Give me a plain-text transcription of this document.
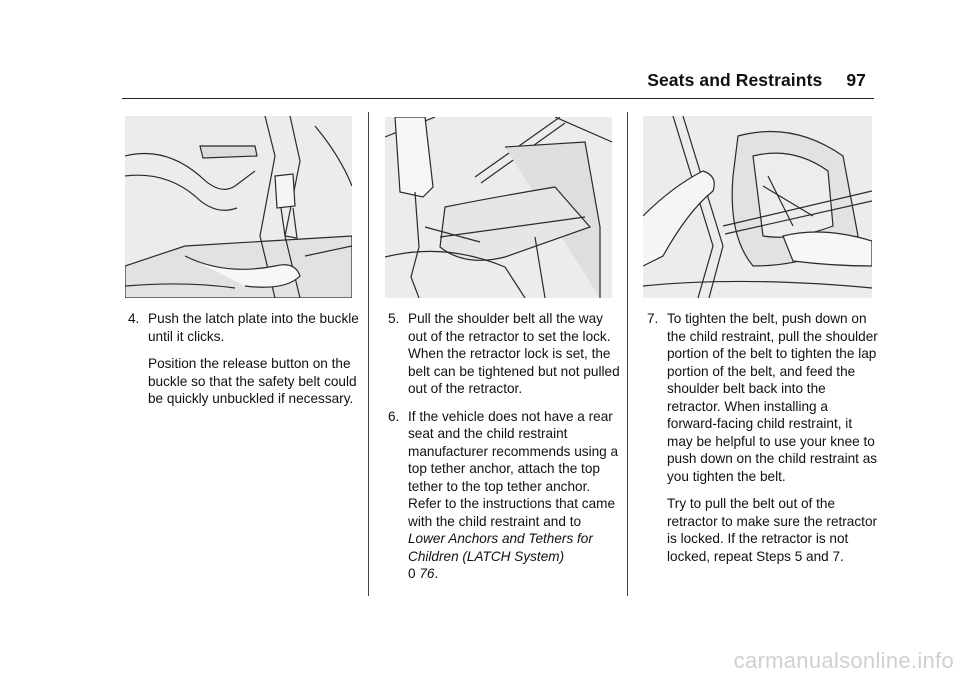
Seats and Restraints 97
4. Push the latch plate into the buckle until it clicks.
Position the release button on the buckle so that the safety belt could be quickly unbuckled if necessary.
5. Pull the shoulder belt all the way out of the retractor to set the lock. When the retractor lock is set, the belt can be tightened but not pulled out of the retractor.
6. If the vehicle does not have a rear seat and the child restraint manufacturer recommends using a top tether anchor, attach the top tether to the top tether anchor. Refer to the instructions that came with the child restraint and to Lower Anchors and Tethers for Children (LATCH System)
0 76.
7. To tighten the belt, push down on the child restraint, pull the shoulder portion of the belt to tighten the lap portion of the belt, and feed the shoulder belt back into the retractor. When installing a forward-facing child restraint, it may be helpful to use your knee to push down on the child restraint as you tighten the belt.
Try to pull the belt out of the retractor to make sure the retractor is locked. If the retractor is not locked, repeat Steps 5 and 7.
carmanualsonline.info
